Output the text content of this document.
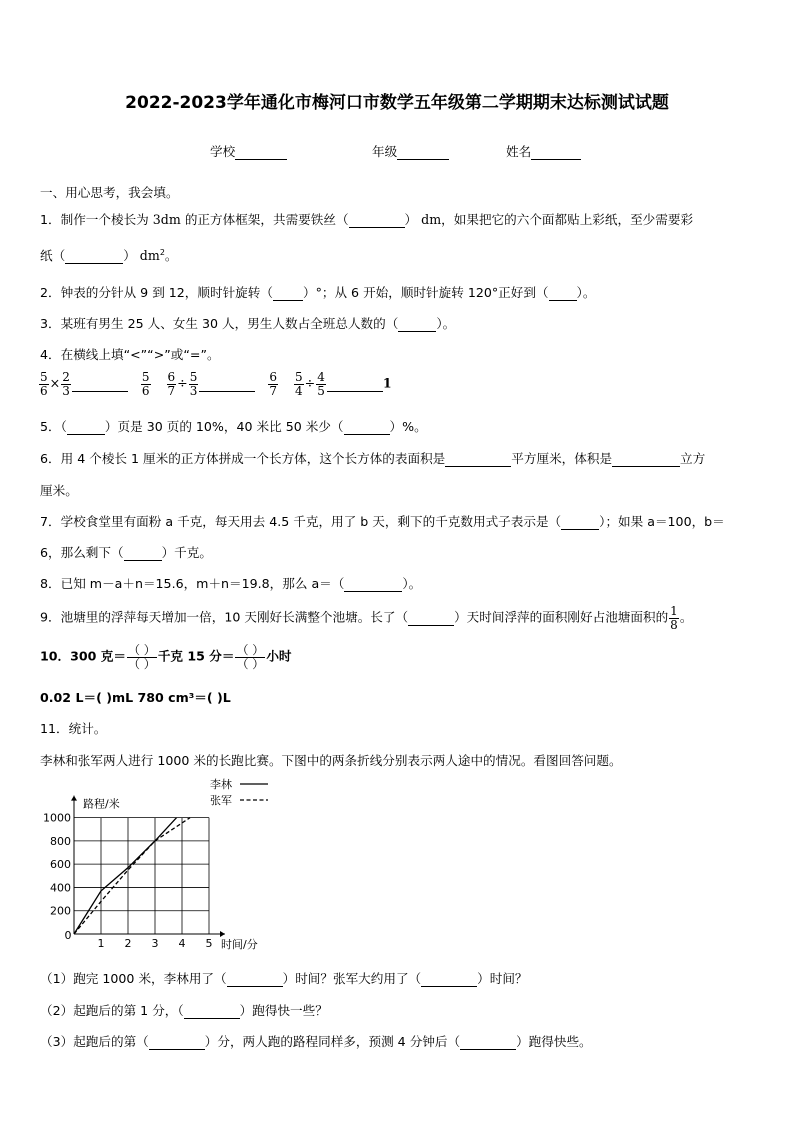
2022-2023学年通化市梅河口市数学五年级第二学期期末达标测试试题
学校	年级	姓名
一、用心思考，我会填。
1．制作一个棱长为 3dm 的正方体框架，共需要铁丝（	） dm，如果把它的六个面都贴上彩纸，至少需要彩
纸（	） $dm^2$。
2．钟表的分针从 9 到 12，顺时针旋转（ ）°；从 6 开始，顺时针旋转 120°正好到（ ）。
3．某班有男生 25 人、女生 30 人，男生人数占全班总人数的（	）。
4．在横线上填“<”“>”或“=”。
$\frac{5}{6} \times \frac{2}{3}$
	$\frac{5}{6}$
$\frac{6}{7} \div \frac{5}{3}$
	$\frac{6}{7}$
$\frac{5}{4} \div \frac{4}{5}$	1
5．（	）页是 30 页的 10%，40 米比 50 米少（	）%。
6．用 4 个棱长 1 厘米的正方体拼成一个长方体，这个长方体的表面积是	平方厘米，体积是	立方
厘米。
7．学校食堂里有面粉 a 千克，每天用去 4.5 千克，用了 b 天，剩下的千克数用式子表示是（	）；如果 a＝100，b＝
6，那么剩下（	）千克。
8．已知 m－a＋n＝15.6，m＋n＝19.8，那么 a＝（	）。
9．池塘里的浮萍每天增加一倍，10 天刚好长满整个池塘。长了（	）天时间浮萍的面积刚好占池塘面积的 $\frac{1}{8}$ 。
10．300 克＝ $\frac{( )}{( )}$ 千克 15 分＝ $\frac{( )}{( )}$ 小时
0.02 L＝( )mL 780 cm³＝( )L
11．统计。
李林和张军两人进行 1000 米的长跑比赛。下图中的两条折线分别表示两人途中的情况。看图回答问题。
1 2 3 4 5
200
400
600
800
1000
0
路程/米
时间/分
李林
张军
（1）跑完 1000 米，李林用了（	）时间？张军大约用了（	）时间？
（2）起跑后的第 1 分，（	）跑得快一些？
（3）起跑后的第（	）分，两人跑的路程同样多，预测 4 分钟后（	）跑得快些。
